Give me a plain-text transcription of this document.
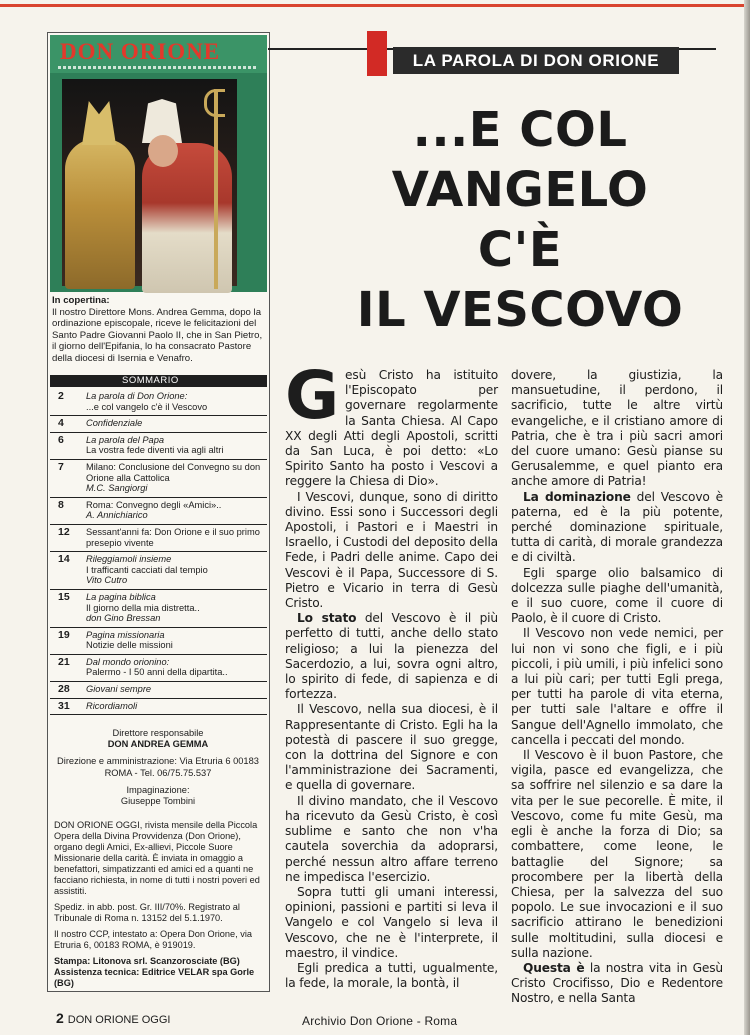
DON ORIONE
In copertina:
Il nostro Direttore Mons. Andrea Gemma, dopo la ordinazione episcopale, riceve le felicitazioni del Santo Padre Giovanni Paolo II, che in San Pietro, il giorno dell'Epifania, lo ha consacrato Pastore della diocesi di Isernia e Venafro.
SOMMARIO
2	La parola di Don Orione:
...e col vangelo c'è il Vescovo
4	Confidenziale
6	La parola del Papa
La vostra fede diventi via agli altri
7	Milano: Conclusione del Convegno su don Orione alla Cattolica
M.C. Sangiorgi
8	Roma: Convegno degli «Amici»..
A. Annichiarico
12	Sessant'anni fa: Don Orione e il suo primo presepio vivente
14	Rileggiamoli insieme
I trafficanti cacciati dal tempio
Vito Cutro
15	La pagina biblica
Il giorno della mia distretta..
don Gino Bressan
19	Pagina missionaria
Notizie delle missioni
21	Dal mondo orionino:
Palermo - I 50 anni della dipartita..
28	Giovani sempre
31	Ricordiamoli
Direttore responsabile
DON ANDREA GEMMA
Direzione e amministrazione: Via Etruria 6 00183 ROMA - Tel. 06/75.75.537
Impaginazione:
Giuseppe Tombini

DON ORIONE OGGI, rivista mensile della Piccola Opera della Divina Provvidenza (Don Orione), organo degli Amici, Ex-allievi, Piccole Suore Missionarie della carità. È inviata in omaggio a benefattori, simpatizzanti ed amici ed a quanti ne facciano richiesta, in nome di tutti i nostri poveri ed assistiti.

Spediz. in abb. post. Gr. III/70%. Registrato al Tribunale di Roma n. 13152 del 5.1.1970.

Il nostro CCP, intestato a: Opera Don Orione, via Etruria 6, 00183 ROMA, è 919019.

Stampa: Litonova srl. Scanzorosciate (BG)
Assistenza tecnica: Editrice VELAR spa Gorle (BG)
2 DON ORIONE OGGI	Archivio Don Orione - Roma
LA PAROLA DI DON ORIONE
...E COL
VANGELO
C'È
IL VESCOVO

Gesù Cristo ha istituito l'Episcopato per governare regolarmente la Santa Chiesa. Al Capo XX degli Atti degli Apostoli, scritti da San Luca, è poi detto: «Lo Spirito Santo ha posto i Vescovi a reggere la Chiesa di Dio».

I Vescovi, dunque, sono di diritto divino. Essi sono i Successori degli Apostoli, i Pastori e i Maestri in Israello, i Custodi del deposito della Fede, i Padri delle anime. Capo dei Vescovi è il Papa, Successore di S. Pietro e Vicario in terra di Gesù Cristo.

Lo stato del Vescovo è il più perfetto di tutti, anche dello stato religioso; a lui la pienezza del Sacerdozio, a lui, sovra ogni altro, lo spirito di fede, di sapienza e di fortezza.

Il Vescovo, nella sua diocesi, è il Rappresentante di Cristo. Egli ha la potestà di pascere il suo gregge, con la dottrina del Signore e con l'amministrazione dei Sacramenti, e quella di governare.

Il divino mandato, che il Vescovo ha ricevuto da Gesù Cristo, è così sublime e santo che non v'ha cautela soverchia da adoprarsi, perché nessun altro affare terreno ne impedisca l'esercizio.

Sopra tutti gli umani interessi, opinioni, passioni e partiti si leva il Vangelo e col Vangelo si leva il Vescovo, che ne è l'interprete, il maestro, il vindice.

Egli predica a tutti, ugualmente, la fede, la morale, la bontà, il

dovere, la giustizia, la mansuetudine, il perdono, il sacrificio, tutte le altre virtù evangeliche, e il cristiano amore di Patria, che è tra i più sacri amori del cuore umano: Gesù pianse su Gerusalemme, e quel pianto era anche amore di Patria!

La dominazione del Vescovo è paterna, ed è la più potente, perché dominazione spirituale, tutta di carità, di morale grandezza e di civiltà.

Egli sparge olio balsamico di dolcezza sulle piaghe dell'umanità, e il suo cuore, come il cuore di Paolo, è il cuore di Cristo.

Il Vescovo non vede nemici, per lui non vi sono che figli, e i più piccoli, i più umili, i più infelici sono a lui più cari; per tutti Egli prega, per tutti ha parole di vita eterna, per tutti sale l'altare e offre il Sangue dell'Agnello immolato, che cancella i peccati del mondo.

Il Vescovo è il buon Pastore, che vigila, pasce ed evangelizza, che sa soffrire nel silenzio e sa dare la vita per le sue pecorelle. È mite, il Vescovo, come fu mite Gesù, ma egli è anche la forza di Dio; sa combattere, come leone, le battaglie del Signore; sa procombere per la libertà della Chiesa, per la salvezza del suo popolo. Le sue invocazioni e il suo sacrificio attirano le benedizioni sulle moltitudini, sulla diocesi e sulla nazione.

Questa è la nostra vita in Gesù Cristo Crocifisso, Dio e Redentore Nostro, e nella Santa
